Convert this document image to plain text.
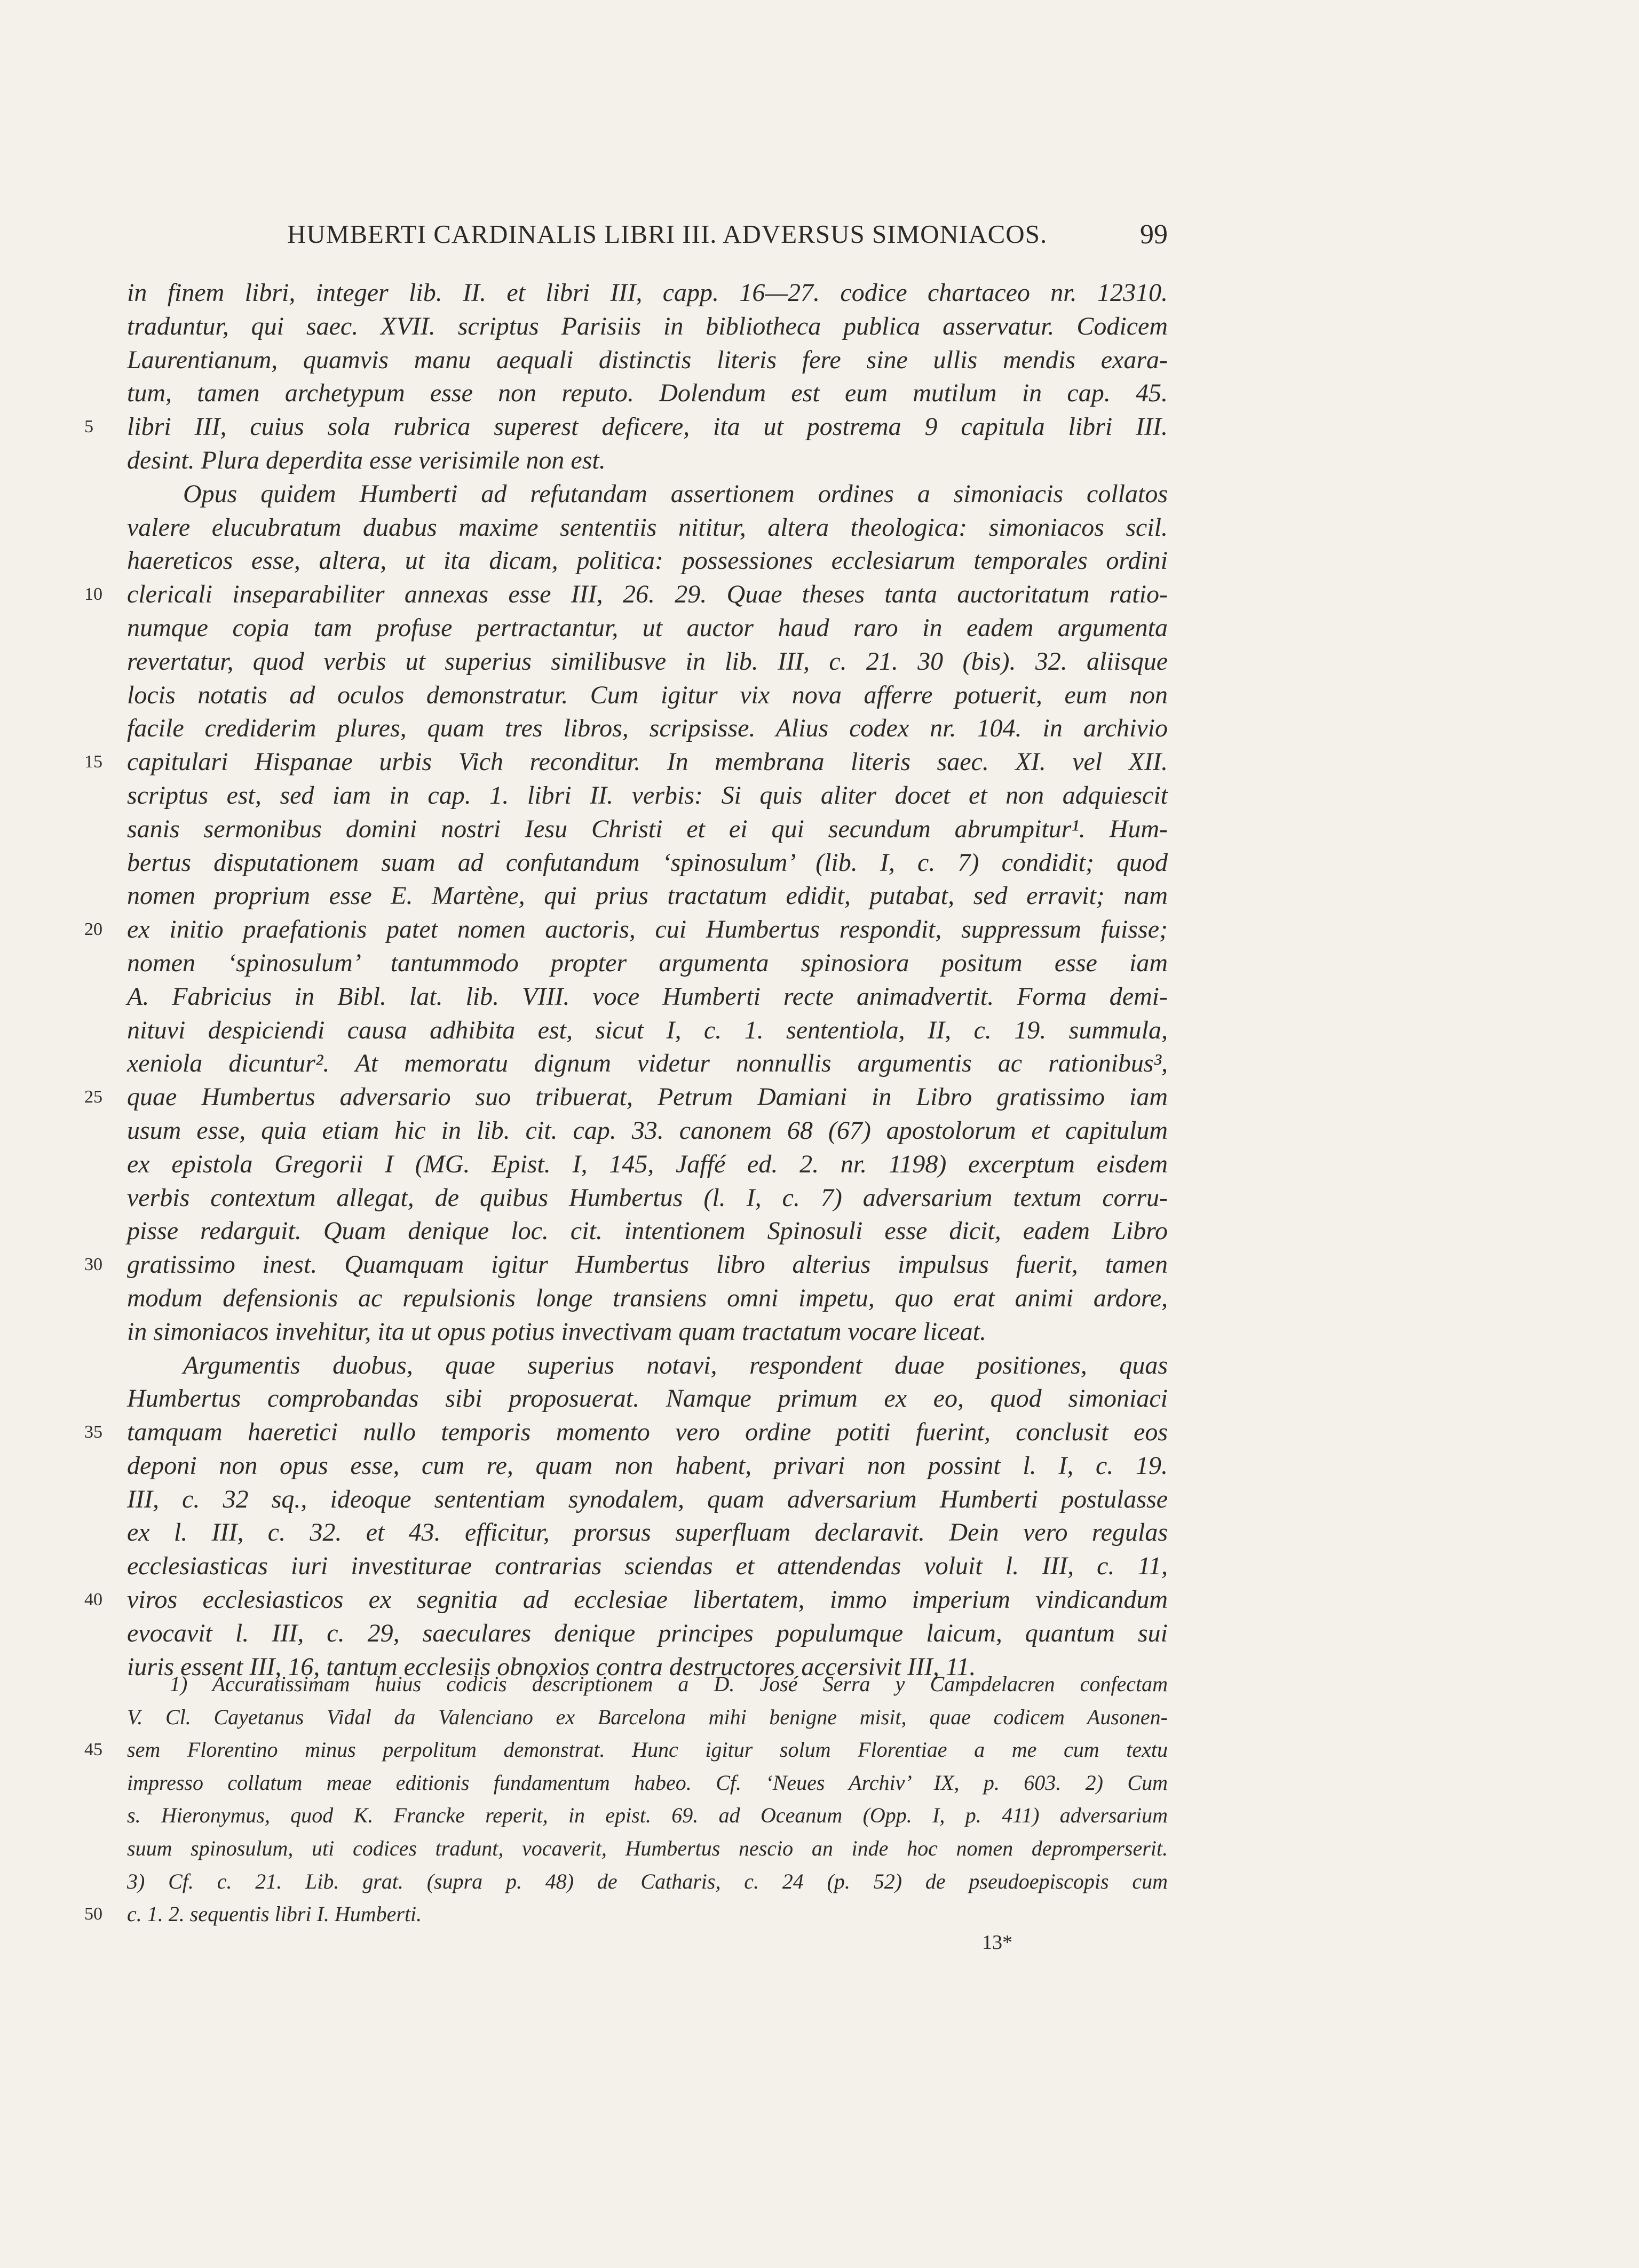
HUMBERTI CARDINALIS LIBRI III. ADVERSUS SIMONIACOS.	99
in finem libri, integer lib. II. et libri III, capp. 16—27. codice chartaceo nr. 12310.
traduntur, qui saec. XVII. scriptus Parisiis in bibliotheca publica asservatur. Codicem
Laurentianum, quamvis manu aequali distinctis literis fere sine ullis mendis exara-
tum, tamen archetypum esse non reputo. Dolendum est eum mutilum in cap. 45.
5	libri III, cuius sola rubrica superest deficere, ita ut postrema 9 capitula libri III.
desint. Plura deperdita esse verisimile non est.
Opus quidem Humberti ad refutandam assertionem ordines a simoniacis collatos
valere elucubratum duabus maxime sententiis nititur, altera theologica: simoniacos scil.
haereticos esse, altera, ut ita dicam, politica: possessiones ecclesiarum temporales ordini
10 clericali inseparabiliter annexas esse III, 26. 29. Quae theses tanta auctoritatum ratio-
numque copia tam profuse pertractantur, ut auctor haud raro in eadem argumenta
revertatur, quod verbis ut superius similibusve in lib. III, c. 21. 30 (bis). 32. aliisque
locis notatis ad oculos demonstratur. Cum igitur vix nova afferre potuerit, eum non
facile crediderim plures, quam tres libros, scripsisse. Alius codex nr. 104. in archivio
15 capitulari Hispanae urbis Vich reconditur. In membrana literis saec. XI. vel XII.
scriptus est, sed iam in cap. 1. libri II. verbis: Si quis aliter docet et non adquiescit
sanis sermonibus domini nostri Iesu Christi et ei qui secundum abrumpitur¹. Hum-
bertus disputationem suam ad confutandum ‘spinosulum’ (lib. I, c. 7) condidit; quod
nomen proprium esse E. Martène, qui prius tractatum edidit, putabat, sed erravit; nam
20 ex initio praefationis patet nomen auctoris, cui Humbertus respondit, suppressum fuisse;
nomen ‘spinosulum’ tantummodo propter argumenta spinosiora positum esse iam
A. Fabricius in Bibl. lat. lib. VIII. voce Humberti recte animadvertit. Forma demi-
nituvi despiciendi causa adhibita est, sicut I, c. 1. sententiola, II, c. 19. summula,
xeniola dicuntur². At memoratu dignum videtur nonnullis argumentis ac rationibus³,
25 quae Humbertus adversario suo tribuerat, Petrum Damiani in Libro gratissimo iam
usum esse, quia etiam hic in lib. cit. cap. 33. canonem 68 (67) apostolorum et capitulum
ex epistola Gregorii I (MG. Epist. I, 145, Jaffé ed. 2. nr. 1198) excerptum eisdem
verbis contextum allegat, de quibus Humbertus (l. I, c. 7) adversarium textum corru-
pisse redarguit. Quam denique loc. cit. intentionem Spinosuli esse dicit, eadem Libro
30 gratissimo inest. Quamquam igitur Humbertus libro alterius impulsus fuerit, tamen
modum defensionis ac repulsionis longe transiens omni impetu, quo erat animi ardore,
in simoniacos invehitur, ita ut opus potius invectivam quam tractatum vocare liceat.
Argumentis duobus, quae superius notavi, respondent duae positiones, quas
Humbertus comprobandas sibi proposuerat. Namque primum ex eo, quod simoniaci
35 tamquam haeretici nullo temporis momento vero ordine potiti fuerint, conclusit eos
deponi non opus esse, cum re, quam non habent, privari non possint l. I, c. 19.
III, c. 32 sq., ideoque sententiam synodalem, quam adversarium Humberti postulasse
ex l. III, c. 32. et 43. efficitur, prorsus superfluam declaravit. Dein vero regulas
ecclesiasticas iuri investiturae contrarias sciendas et attendendas voluit l. III, c. 11,
40 viros ecclesiasticos ex segnitia ad ecclesiae libertatem, immo imperium vindicandum
evocavit l. III, c. 29, saeculares denique principes populumque laicum, quantum sui
iuris essent III, 16, tantum ecclesiis obnoxios contra destructores accersivit III, 11.
1) Accuratissimam huius codicis descriptionem a D. José Serra y Campdelacren confectam
V. Cl. Cayetanus Vidal da Valenciano ex Barcelona mihi benigne misit, quae codicem Ausonen-
45	sem Florentino minus perpolitum demonstrat. Hunc igitur solum Florentiae a me cum textu
impresso collatum meae editionis fundamentum habeo. Cf. ‘Neues Archiv’ IX, p. 603. 2) Cum
s. Hieronymus, quod K. Francke reperit, in epist. 69. ad Oceanum (Opp. I, p. 411) adversarium
suum spinosulum, uti codices tradunt, vocaverit, Humbertus nescio an inde hoc nomen depromperserit.
3) Cf. c. 21. Lib. grat. (supra p. 48) de Catharis, c. 24 (p. 52) de pseudoepiscopis cum
50	c. 1. 2. sequentis libri I. Humberti.
13*
